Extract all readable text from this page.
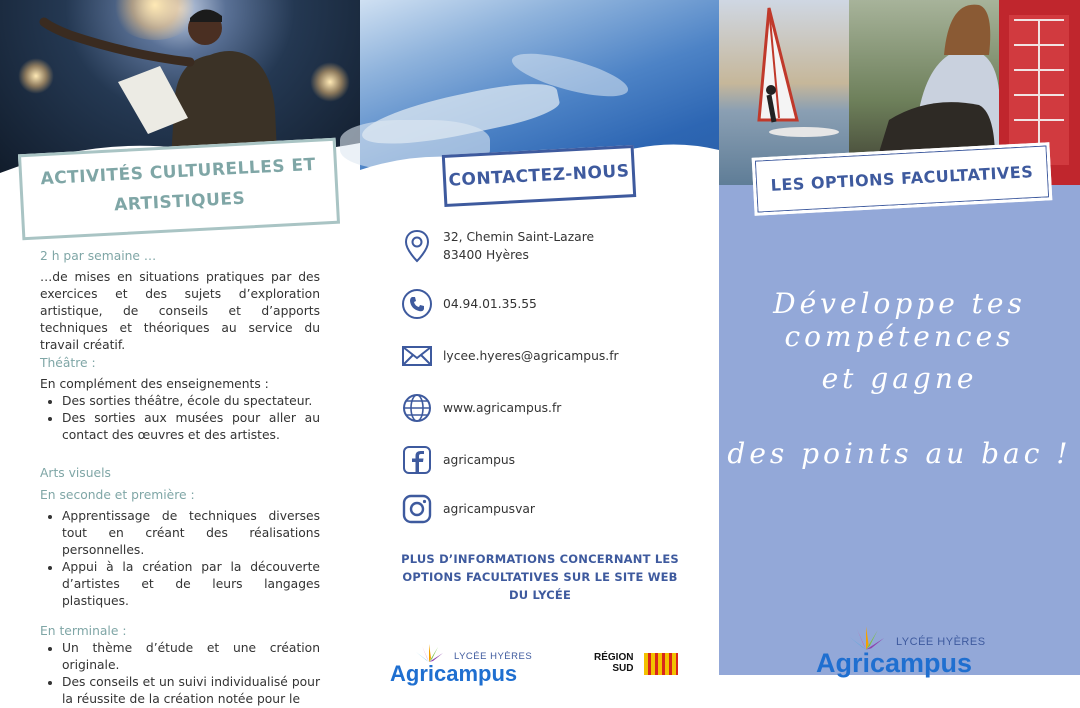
ACTIVITÉS CULTURELLES ET ARTISTIQUES
2 h par semaine …
…de mises en situations pratiques par des exercices et des sujets d’exploration artistique, de conseils et d’apports techniques et théoriques au service du travail créatif.
Théâtre :
En complément des enseignements :
• Des sorties théâtre, école du spectateur.
• Des sorties aux musées pour aller au contact des œuvres et des artistes.
Arts visuels
En seconde et première :
• Apprentissage de techniques diverses tout en créant des réalisations personnelles.
• Appui à la création par la découverte d’artistes et de leurs langages plastiques.
En terminale :
• Un thème d’étude et une création originale.
• Des conseils et un suivi individualisé pour la réussite de la création notée pour le
CONTACTEZ-NOUS
32, Chemin Saint-Lazare
83400 Hyères
04.94.01.35.55
lycee.hyeres@agricampus.fr
www.agricampus.fr
agricampus
agricampusvar
PLUS D’INFORMATIONS CONCERNANT LES OPTIONS FACULTATIVES SUR LE SITE WEB DU LYCÉE
LYCÉE HYÈRES
Agricampus
RÉGION
SUD
LES OPTIONS FACULTATIVES
Développe tes compétences
et gagne
des points au bac !
LYCÉE HYÈRES
Agricampus
